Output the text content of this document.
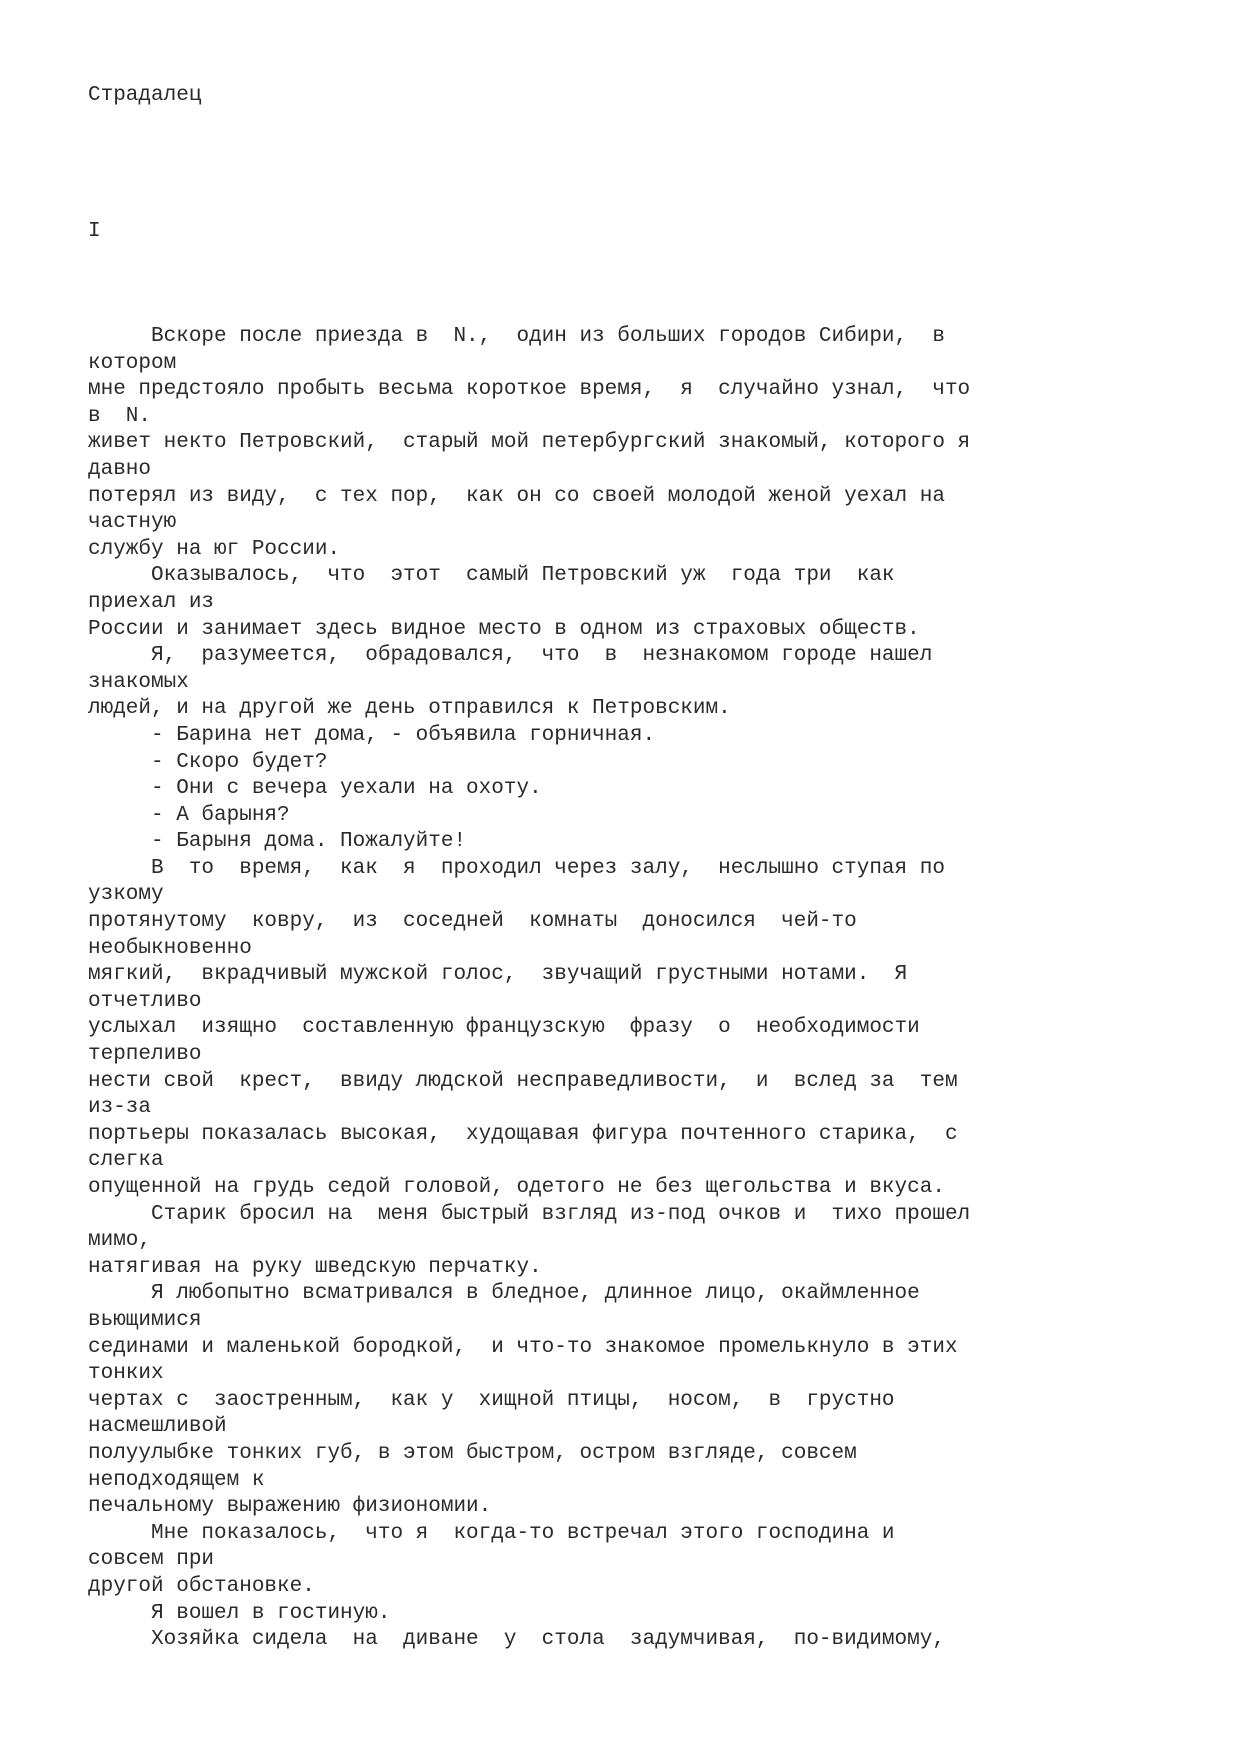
Страдалец
I
Вскоре после приезда в  N.,  один из больших городов Сибири,  в
котором
мне предстояло пробыть весьма короткое время,  я  случайно узнал,  что
в  N.
живет некто Петровский,  старый мой петербургский знакомый, которого я
давно
потерял из виду,  с тех пор,  как он со своей молодой женой уехал на
частную
службу на юг России.
Оказывалось,  что  этот  самый Петровский уж  года три  как
приехал из
России и занимает здесь видное место в одном из страховых обществ.
Я,  разумеется,  обрадовался,  что  в  незнакомом городе нашел
знакомых
людей, и на другой же день отправился к Петровским.
- Барина нет дома, - объявила горничная.
- Скоро будет?
- Они с вечера уехали на охоту.
- А барыня?
- Барыня дома. Пожалуйте!
В  то  время,  как  я  проходил через залу,  неслышно ступая по
узкому
протянутому  ковру,  из  соседней  комнаты  доносился  чей-то
необыкновенно
мягкий,  вкрадчивый мужской голос,  звучащий грустными нотами.  Я
отчетливо
услыхал  изящно  составленную французскую  фразу  о  необходимости
терпеливо
нести свой  крест,  ввиду людской несправедливости,  и  вслед за  тем
из-за
портьеры показалась высокая,  худощавая фигура почтенного старика,  с
слегка
опущенной на грудь седой головой, одетого не без щегольства и вкуса.
Старик бросил на  меня быстрый взгляд из-под очков и  тихо прошел
мимо,
натягивая на руку шведскую перчатку.
Я любопытно всматривался в бледное, длинное лицо, окаймленное
вьющимися
сединами и маленькой бородкой,  и что-то знакомое промелькнуло в этих
тонких
чертах с  заостренным,  как у  хищной птицы,  носом,  в  грустно
насмешливой
полуулыбке тонких губ, в этом быстром, остром взгляде, совсем
неподходящем к
печальному выражению физиономии.
Мне показалось,  что я  когда-то встречал этого господина и
совсем при
другой обстановке.
Я вошел в гостиную.
Хозяйка сидела  на  диване  у  стола  задумчивая,  по-видимому,
